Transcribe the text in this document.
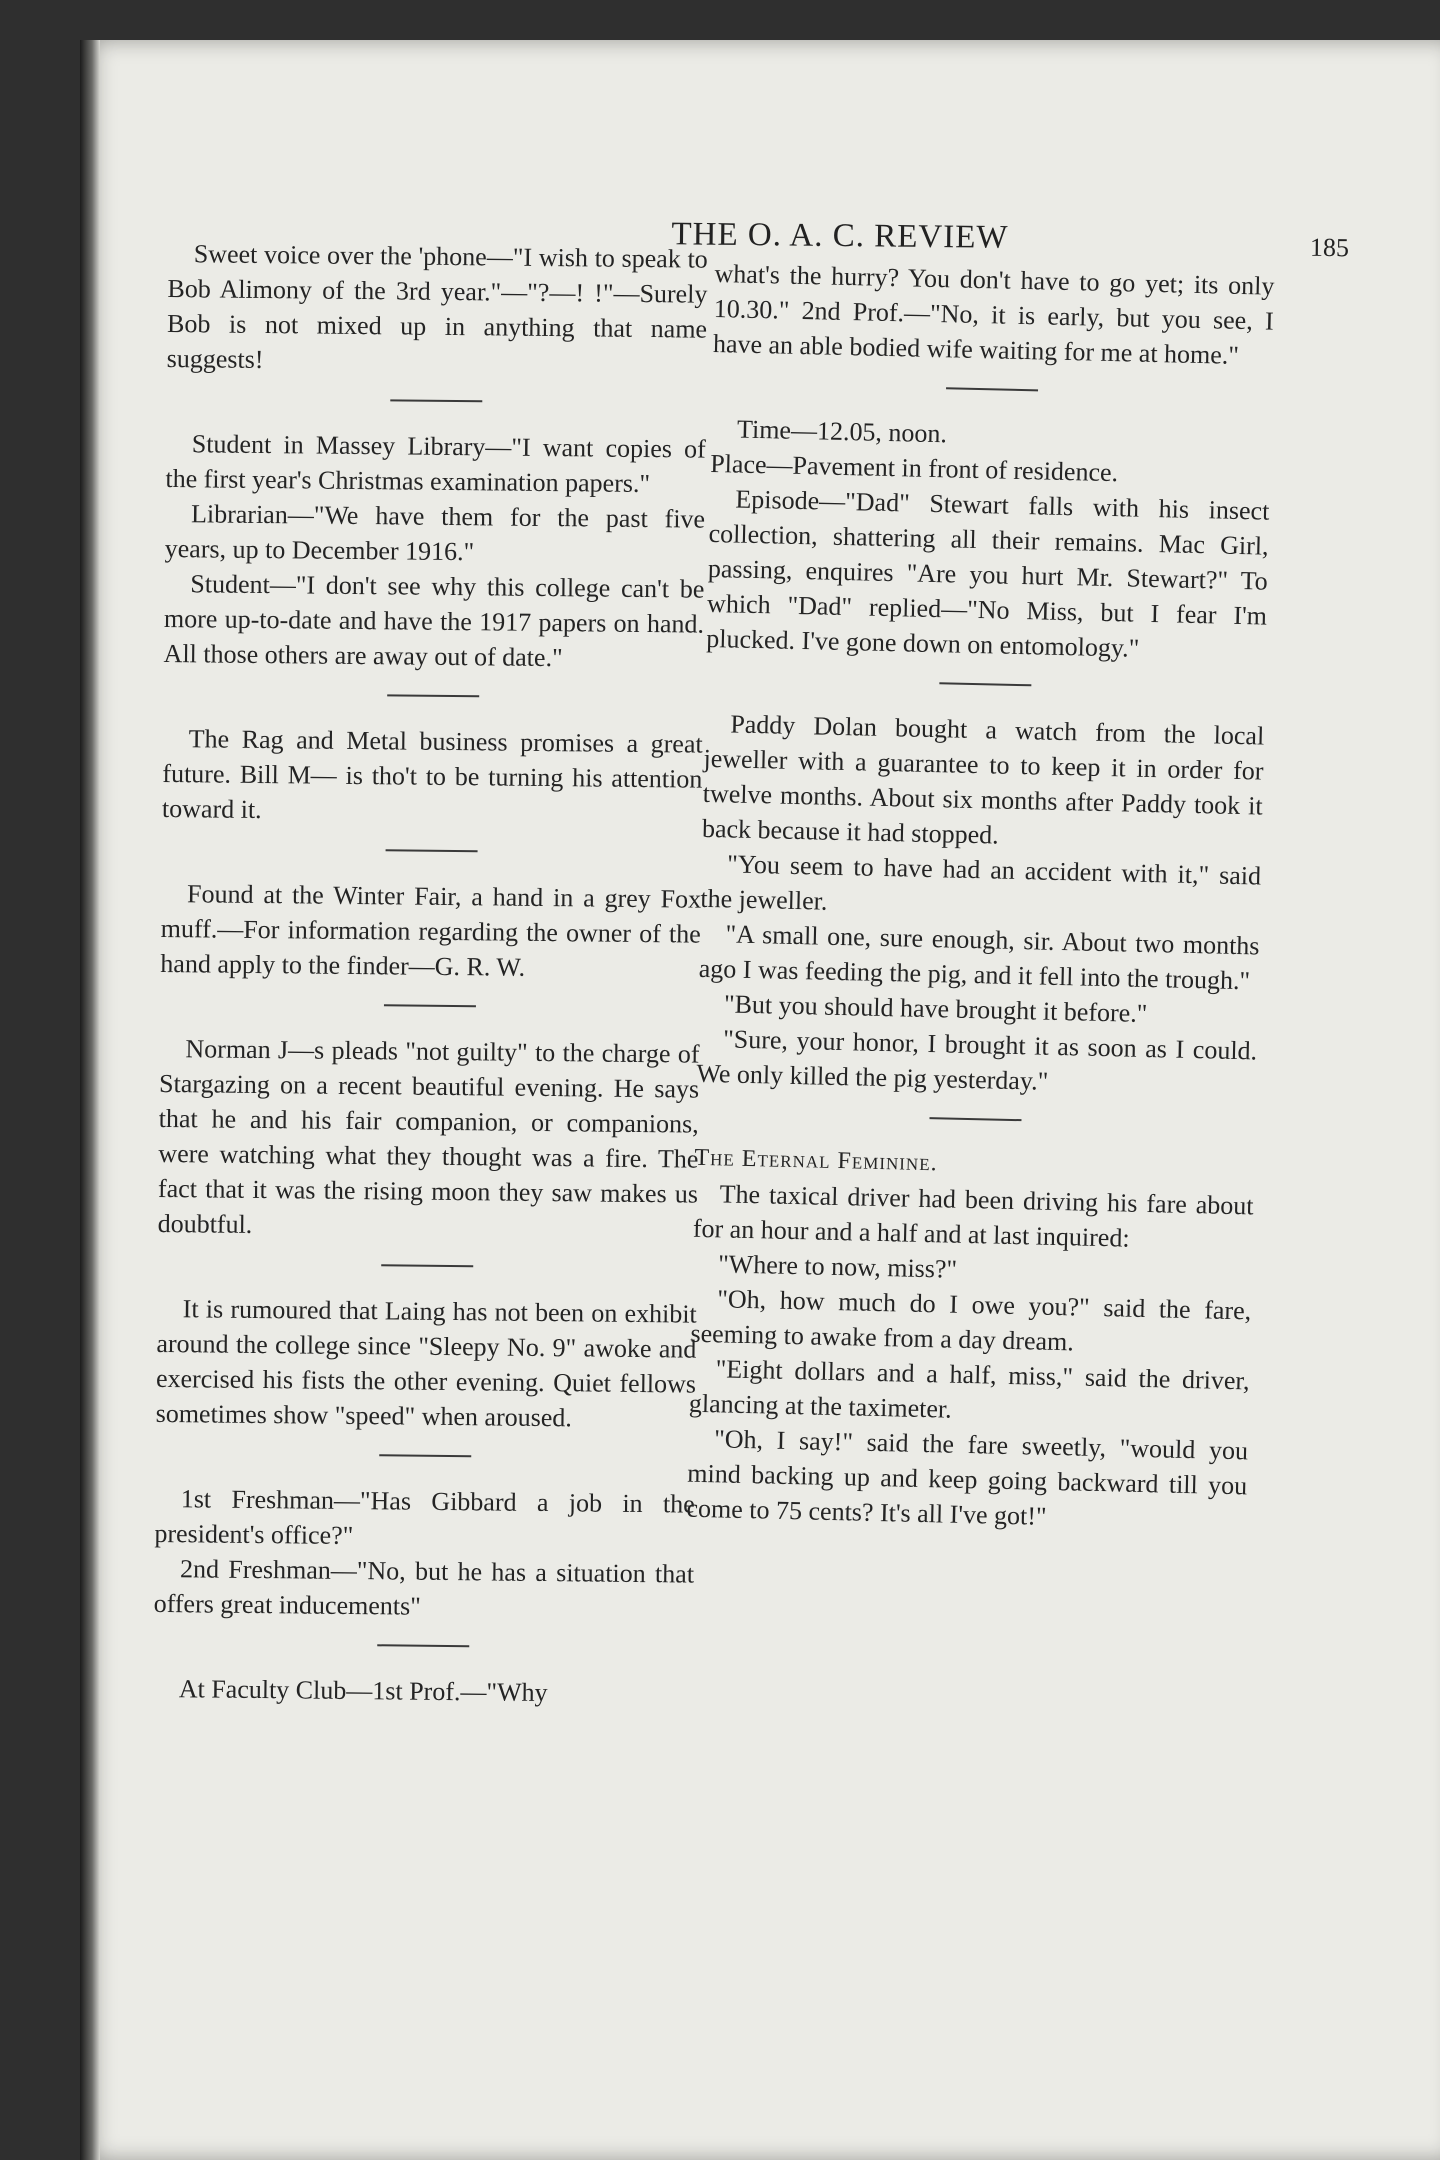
THE O. A. C. REVIEW	185

Sweet voice over the 'phone—"I wish to speak to Bob Alimony of the 3rd year."—"?—! !"—Surely Bob is not mixed up in anything that name suggests!

Student in Massey Library—"I want copies of the first year's Christmas examination papers."

Librarian—"We have them for the past five years, up to December 1916."

Student—"I don't see why this college can't be more up-to-date and have the 1917 papers on hand. All those others are away out of date."

The Rag and Metal business promises a great future. Bill M— is tho't to be turning his attention toward it.

Found at the Winter Fair, a hand in a grey Fox muff.—For information regarding the owner of the hand apply to the finder—G. R. W.

Norman J—s pleads "not guilty" to the charge of Stargazing on a recent beautiful evening. He says that he and his fair companion, or companions, were watching what they thought was a fire. The fact that it was the rising moon they saw makes us doubtful.

It is rumoured that Laing has not been on exhibit around the college since "Sleepy No. 9" awoke and exercised his fists the other evening. Quiet fellows sometimes show "speed" when aroused.

1st Freshman—"Has Gibbard a job in the president's office?"

2nd Freshman—"No, but he has a situation that offers great inducements"

At Faculty Club—1st Prof.—"Why

what's the hurry? You don't have to go yet; its only 10.30." 2nd Prof.—"No, it is early, but you see, I have an able bodied wife waiting for me at home."

Time—12.05, noon.

Place—Pavement in front of residence.

Episode—"Dad" Stewart falls with his insect collection, shattering all their remains. Mac Girl, passing, enquires "Are you hurt Mr. Stewart?" To which "Dad" replied—"No Miss, but I fear I'm plucked. I've gone down on entomology."

Paddy Dolan bought a watch from the local jeweller with a guarantee to to keep it in order for twelve months. About six months after Paddy took it back because it had stopped.

"You seem to have had an accident with it," said the jeweller.

"A small one, sure enough, sir. About two months ago I was feeding the pig, and it fell into the trough."

"But you should have brought it before."

"Sure, your honor, I brought it as soon as I could. We only killed the pig yesterday."

The Eternal Feminine.

The taxical driver had been driving his fare about for an hour and a half and at last inquired:

"Where to now, miss?"

"Oh, how much do I owe you?" said the fare, seeming to awake from a day dream.

"Eight dollars and a half, miss," said the driver, glancing at the taximeter.

"Oh, I say!" said the fare sweetly, "would you mind backing up and keep going backward till you come to 75 cents? It's all I've got!"
